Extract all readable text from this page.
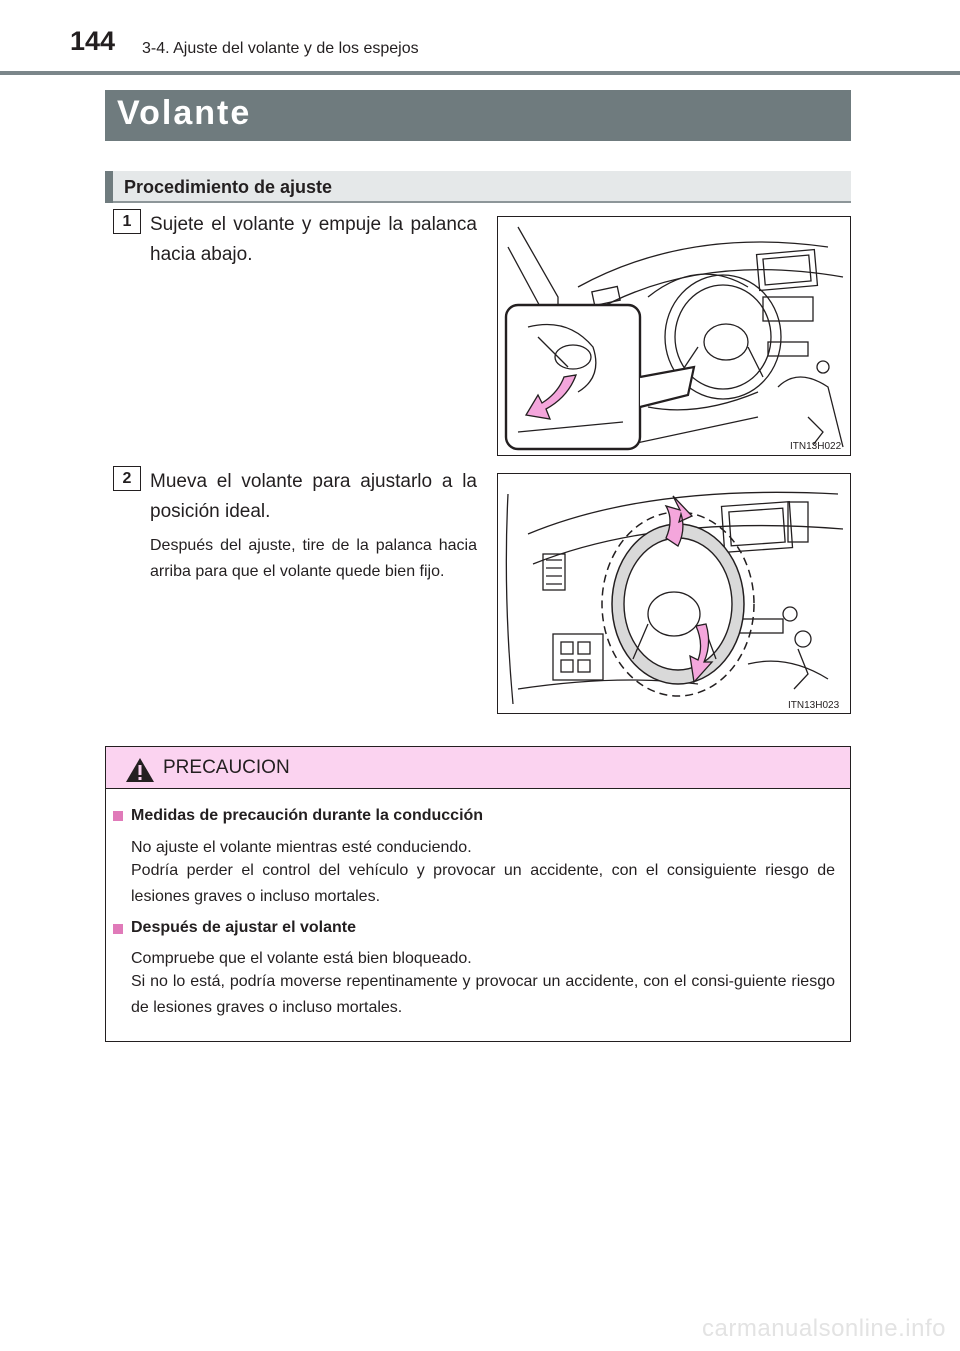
144 3-4. Ajuste del volante y de los espejos
Volante
Procedimiento de ajuste
1 Sujete el volante y empuje la palanca hacia abajo.
ITN13H022
2 Mueva el volante para ajustarlo a la posición ideal.
Después del ajuste, tire de la palanca hacia arriba para que el volante quede bien fijo.
ITN13H023
PRECAUCION
Medidas de precaución durante la conducción
No ajuste el volante mientras esté conduciendo.
Podría perder el control del vehículo y provocar un accidente, con el consiguiente riesgo de lesiones graves o incluso mortales.
Después de ajustar el volante
Compruebe que el volante está bien bloqueado.
Si no lo está, podría moverse repentinamente y provocar un accidente, con el consi-guiente riesgo de lesiones graves o incluso mortales.
carmanualsonline.info
